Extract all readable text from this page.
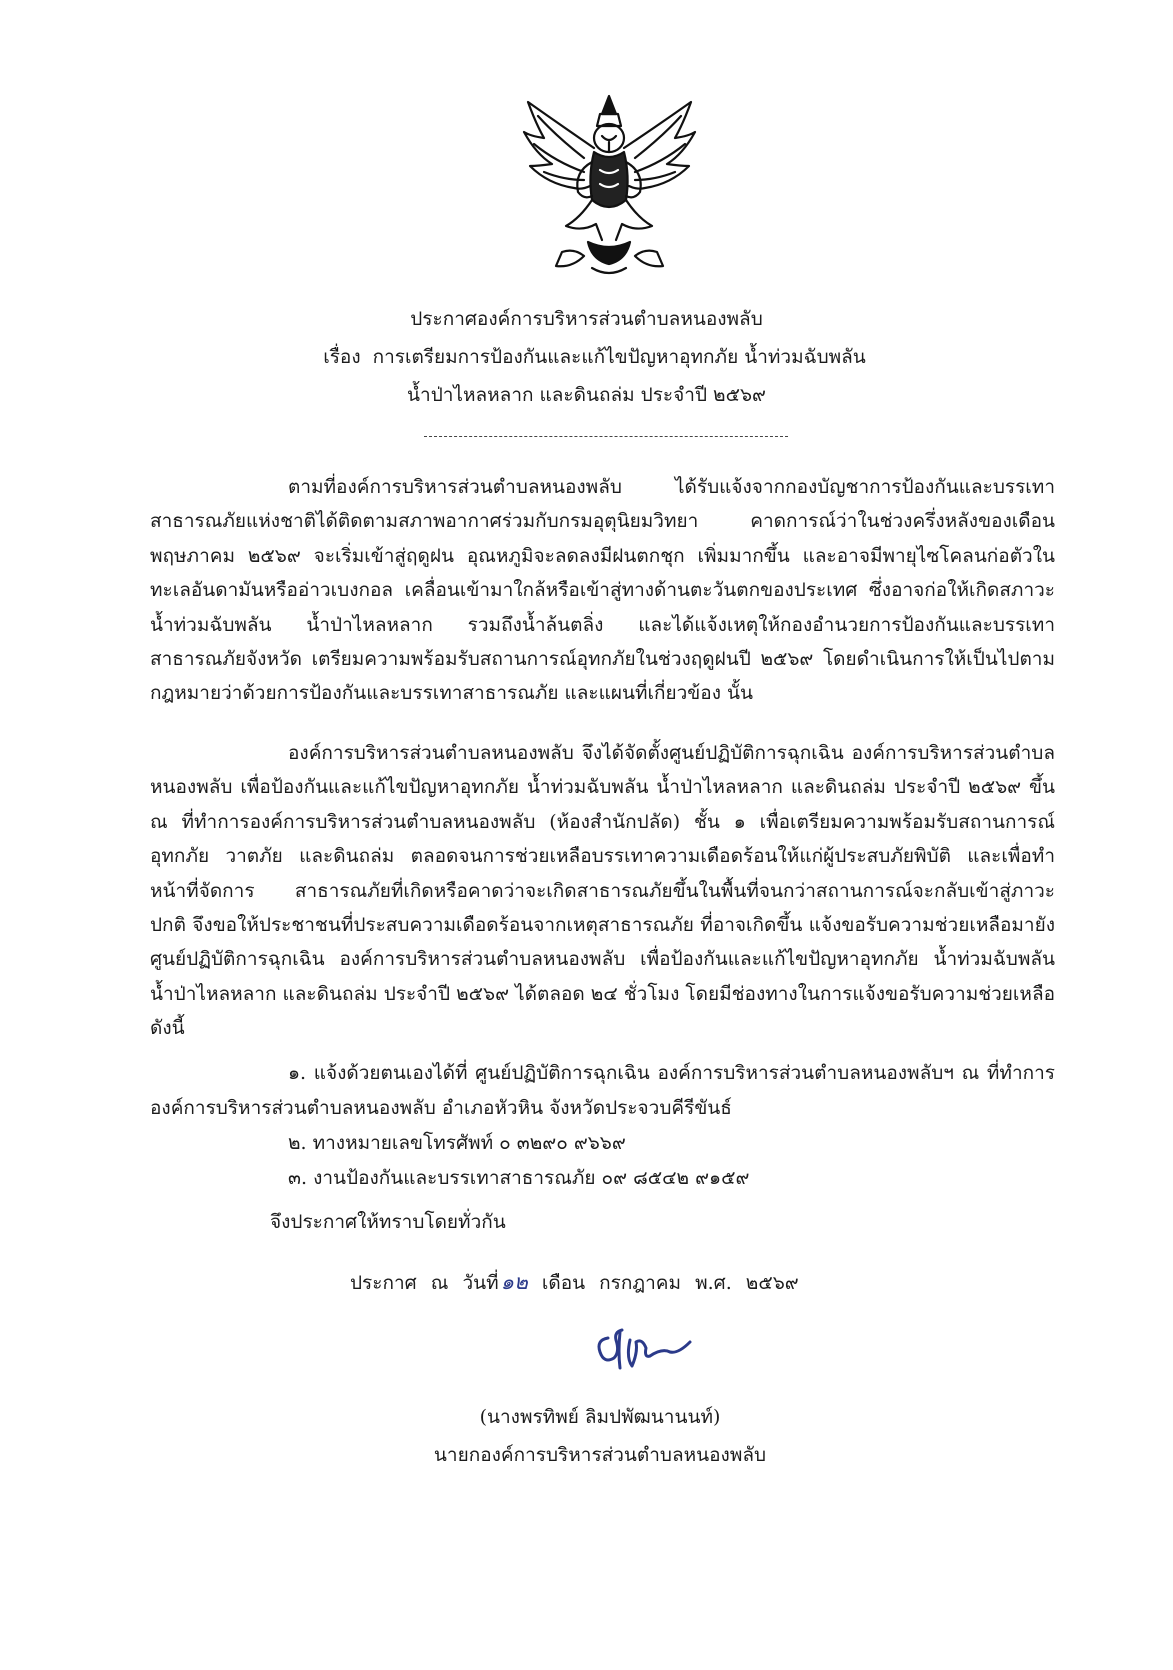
ประกาศองค์การบริหารส่วนตำบลหนองพลับ
เรื่อง การเตรียมการป้องกันและแก้ไขปัญหาอุทกภัย น้ำท่วมฉับพลัน
น้ำป่าไหลหลาก และดินถล่ม ประจำปี ๒๕๖๙

ตามที่องค์การบริหารส่วนตำบลหนองพลับ ได้รับแจ้งจากกองบัญชาการป้องกันและบรรเทาสาธารณภัยแห่งชาติได้ติดตามสภาพอากาศร่วมกับกรมอุตุนิยมวิทยา คาดการณ์ว่าในช่วงครึ่งหลังของเดือนพฤษภาคม ๒๕๖๙ จะเริ่มเข้าสู่ฤดูฝน อุณหภูมิจะลดลงมีฝนตกชุก เพิ่มมากขึ้น และอาจมีพายุไซโคลนก่อตัวในทะเลอันดามันหรืออ่าวเบงกอล เคลื่อนเข้ามาใกล้หรือเข้าสู่ทางด้านตะวันตกของประเทศ ซึ่งอาจก่อให้เกิดสภาวะน้ำท่วมฉับพลัน น้ำป่าไหลหลาก รวมถึงน้ำล้นตลิ่ง และได้แจ้งเหตุให้กองอำนวยการป้องกันและบรรเทาสาธารณภัยจังหวัด เตรียมความพร้อมรับสถานการณ์อุทกภัยในช่วงฤดูฝนปี ๒๕๖๙ โดยดำเนินการให้เป็นไปตามกฎหมายว่าด้วยการป้องกันและบรรเทาสาธารณภัย และแผนที่เกี่ยวข้อง นั้น

องค์การบริหารส่วนตำบลหนองพลับ จึงได้จัดตั้งศูนย์ปฏิบัติการฉุกเฉิน องค์การบริหารส่วนตำบลหนองพลับ เพื่อป้องกันและแก้ไขปัญหาอุทกภัย น้ำท่วมฉับพลัน น้ำป่าไหลหลาก และดินถล่ม ประจำปี ๒๕๖๙ ขึ้น ณ ที่ทำการองค์การบริหารส่วนตำบลหนองพลับ (ห้องสำนักปลัด) ชั้น ๑ เพื่อเตรียมความพร้อมรับสถานการณ์อุทกภัย วาตภัย และดินถล่ม ตลอดจนการช่วยเหลือบรรเทาความเดือดร้อนให้แก่ผู้ประสบภัยพิบัติ และเพื่อทำหน้าที่จัดการ สาธารณภัยที่เกิดหรือคาดว่าจะเกิดสาธารณภัยขึ้นในพื้นที่จนกว่าสถานการณ์จะกลับเข้าสู่ภาวะปกติ จึงขอให้ประชาชนที่ประสบความเดือดร้อนจากเหตุสาธารณภัย ที่อาจเกิดขึ้น แจ้งขอรับความช่วยเหลือมายังศูนย์ปฏิบัติการฉุกเฉิน องค์การบริหารส่วนตำบลหนองพลับ เพื่อป้องกันและแก้ไขปัญหาอุทกภัย น้ำท่วมฉับพลัน น้ำป่าไหลหลาก และดินถล่ม ประจำปี ๒๕๖๙ ได้ตลอด ๒๔ ชั่วโมง โดยมีช่องทางในการแจ้งขอรับความช่วยเหลือดังนี้

๑. แจ้งด้วยตนเองได้ที่ ศูนย์ปฏิบัติการฉุกเฉิน องค์การบริหารส่วนตำบลหนองพลับฯ ณ ที่ทำการองค์การบริหารส่วนตำบลหนองพลับ อำเภอหัวหิน จังหวัดประจวบคีรีขันธ์
๒. ทางหมายเลขโทรศัพท์ ๐ ๓๒๙๐ ๙๖๖๙
๓. งานป้องกันและบรรเทาสาธารณภัย ๐๙ ๘๕๔๒ ๙๑๕๙
จึงประกาศให้ทราบโดยทั่วกัน
ประกาศ ณ วันที่๑๒ เดือน กรกฎาคม พ.ศ. ๒๕๖๙
(นางพรทิพย์ ลิมปพัฒนานนท์)
นายกองค์การบริหารส่วนตำบลหนองพลับ
